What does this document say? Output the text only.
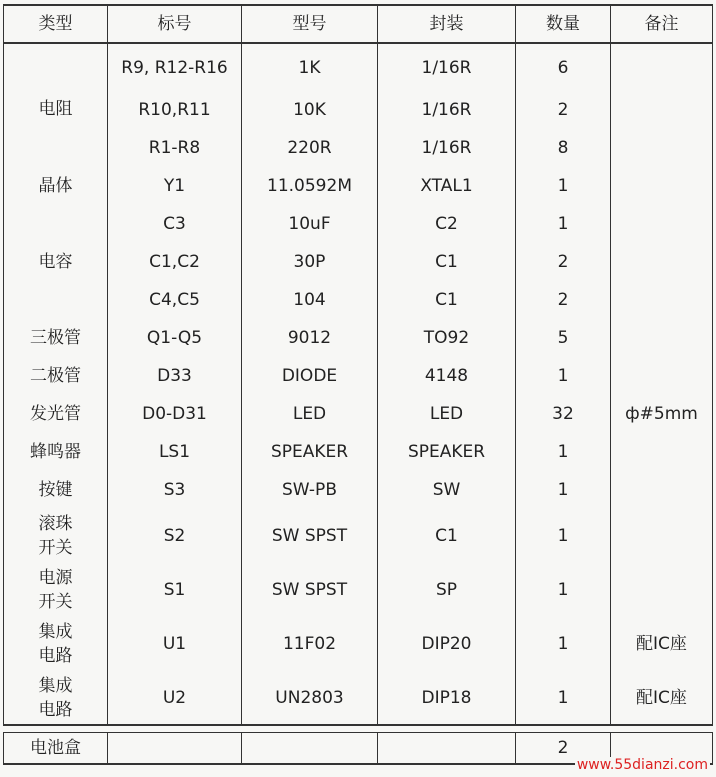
类型	标号	型号	封装	数量	备注
电阻	R9, R12-R16	1K	1/16R	6	
	R10,R11	10K	1/16R	2	
	R1-R8	220R	1/16R	8	
晶体	Y1	11.0592M	XTAL1	1	
电容	C3	10uF	C2	1	
	C1,C2	30P	C1	2	
	C4,C5	104	C1	2	
三极管	Q1-Q5	9012	TO92	5	
二极管	D33	DIODE	4148	1	
发光管	D0-D31	LED	LED	32	ф#5mm
蜂鸣器	LS1	SPEAKER	SPEAKER	1	
按键	S3	SW-PB	SW	1	
滚珠开关	S2	SW SPST	C1	1	
电源开关	S1	SW SPST	SP	1	
集成电路	U1	11F02	DIP20	1	配IC座
集成电路	U2	UN2803	DIP18	1	配IC座

电池盒				2	
www.55dianzi.com
